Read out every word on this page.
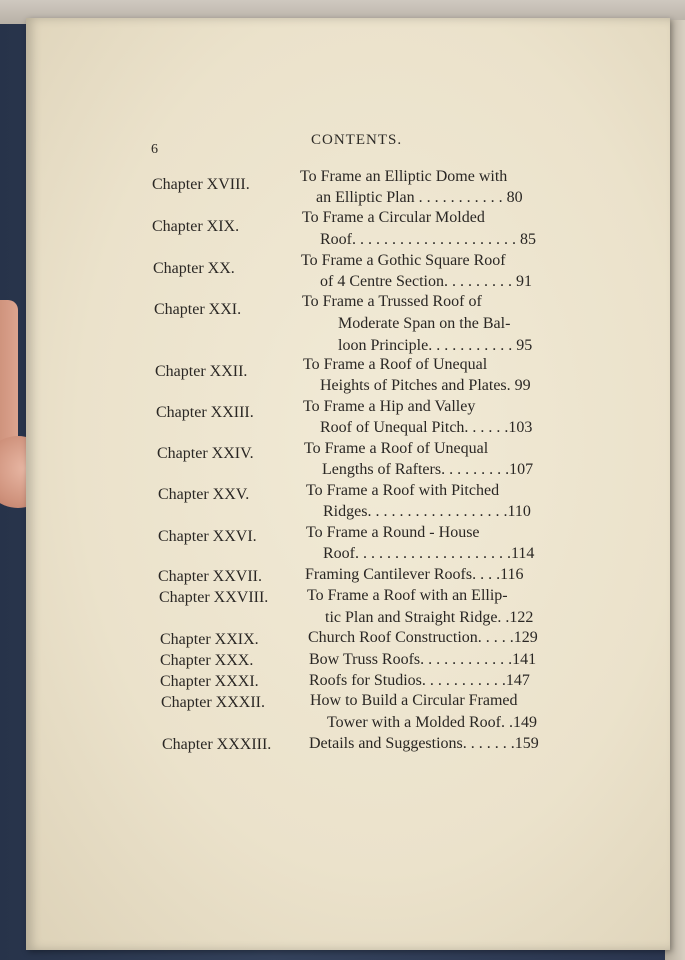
6
CONTENTS.
Chapter XVIII.	To Frame an Elliptic Dome with
an Elliptic Plan . . . . . . . . . . . 80
Chapter XIX.
To Frame a Circular Molded
Roof. . . . . . . . . . . . . . . . . . . . . 85
Chapter XX.	To Frame a Gothic Square Roof
of 4 Centre Section. . . . . . . . . 91
Chapter XXI.	To Frame a Trussed Roof of
Moderate Span on the Bal-
loon Principle. . . . . . . . . . . 95
Chapter XXII.	To Frame a Roof of Unequal
Heights of Pitches and Plates. 99
Chapter XXIII.	To Frame a Hip and Valley
Roof of Unequal Pitch. . . . . .103
Chapter XXIV.	To Frame a Roof of Unequal
Lengths of Rafters. . . . . . . . .107
Chapter XXV.	To Frame a Roof with Pitched
Ridges. . . . . . . . . . . . . . . . . .110
Chapter XXVI.	To Frame a Round - House
Roof. . . . . . . . . . . . . . . . . . . .114
Chapter XXVII.	Framing Cantilever Roofs. . . .116
Chapter XXVIII. To Frame a Roof with an Ellip-
tic Plan and Straight Ridge. .122
Chapter XXIX.	Church Roof Construction. . . . .129
Chapter XXX.	Bow Truss Roofs. . . . . . . . . . . .141
Chapter XXXI.	Roofs for Studios. . . . . . . . . . .147
Chapter XXXII.	How to Build a Circular Framed
Tower with a Molded Roof. .149
Chapter XXXIII. Details and Suggestions. . . . . . .159
